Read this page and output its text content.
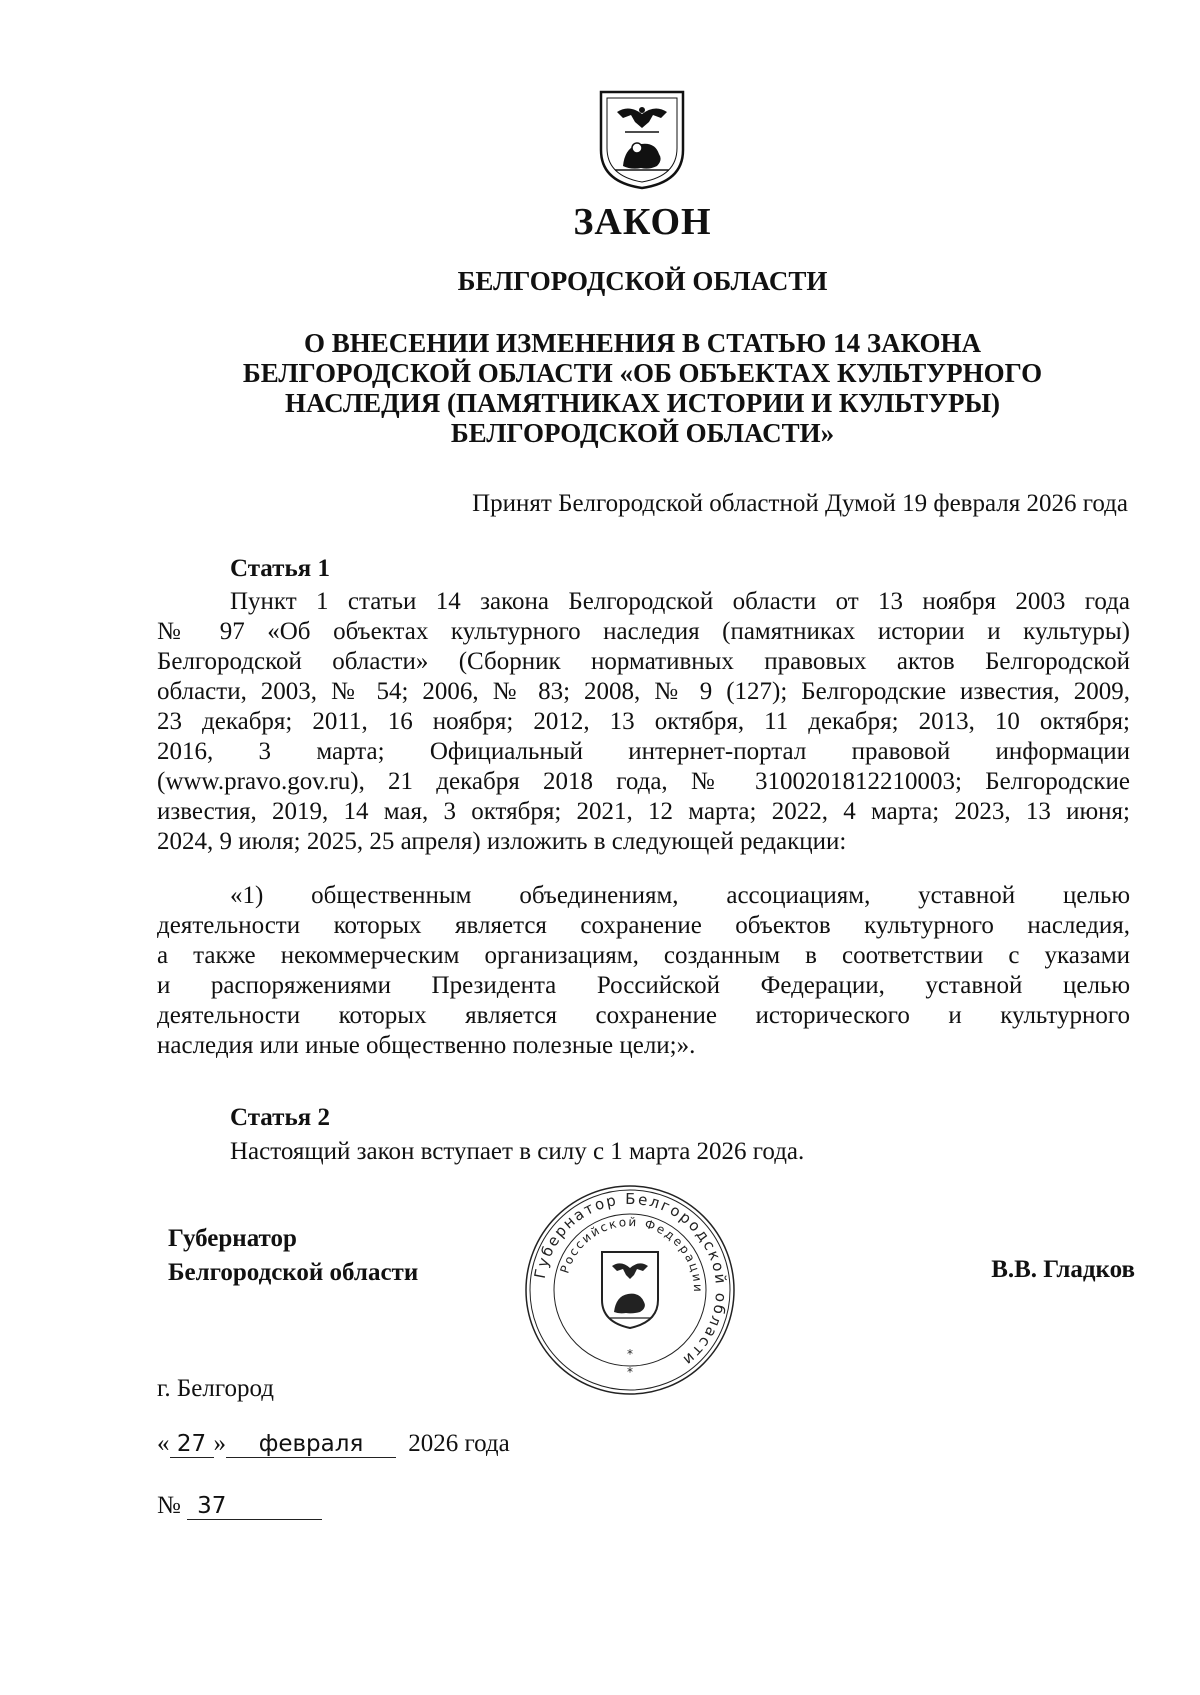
ЗАКОН
БЕЛГОРОДСКОЙ ОБЛАСТИ
О ВНЕСЕНИИ ИЗМЕНЕНИЯ В СТАТЬЮ 14 ЗАКОНА
БЕЛГОРОДСКОЙ ОБЛАСТИ «ОБ ОБЪЕКТАХ КУЛЬТУРНОГО
НАСЛЕДИЯ (ПАМЯТНИКАХ ИСТОРИИ И КУЛЬТУРЫ)
БЕЛГОРОДСКОЙ ОБЛАСТИ»
Принят Белгородской областной Думой 19 февраля 2026 года
Статья 1
Пункт 1 статьи 14 закона Белгородской области от 13 ноября 2003 года
№ 97 «Об объектах культурного наследия (памятниках истории и культуры)
Белгородской области» (Сборник нормативных правовых актов Белгородской
области, 2003, № 54; 2006, № 83; 2008, № 9 (127); Белгородские известия, 2009,
23 декабря; 2011, 16 ноября; 2012, 13 октября, 11 декабря; 2013, 10 октября;
2016, 3 марта; Официальный интернет-портал правовой информации
(www.pravo.gov.ru), 21 декабря 2018 года, № 3100201812210003; Белгородские
известия, 2019, 14 мая, 3 октября; 2021, 12 марта; 2022, 4 марта; 2023, 13 июня;
2024, 9 июля; 2025, 25 апреля) изложить в следующей редакции:
«1) общественным объединениям, ассоциациям, уставной целью
деятельности которых является сохранение объектов культурного наследия,
а также некоммерческим организациям, созданным в соответствии с указами
и распоряжениями Президента Российской Федерации, уставной целью
деятельности которых является сохранение исторического и культурного
наследия или иные общественно полезные цели;».
Статья 2
Настоящий закон вступает в силу с 1 марта 2026 года.
Губернатор
Белгородской области	Губернатор Белгородской области
Российской Федерации
*
*
В.В. Гладков
г. Белгород
« 27 » февраля 2026 года
№ 37
